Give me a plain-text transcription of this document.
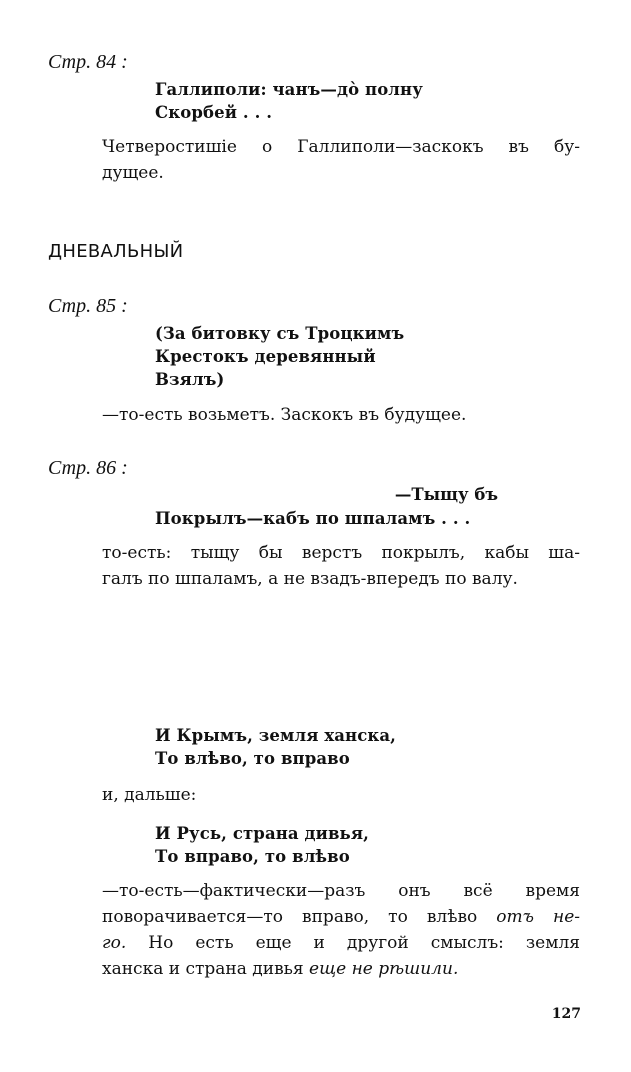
Стр. 84 :
Галлиполи: чанъ—дò полну
Скорбей . . .
Четверостишiе о Галлиполи—заскокъ въ бу-
дущее.
ДНЕВАЛЬНЫЙ
Стр. 85 :
(За битовку съ Троцкимъ
Крестокъ деревянный
Взялъ)
—то-есть возьметъ. Заскокъ въ будущее.
Стр. 86 :
—Тыщу бъ
Покрылъ—кабъ по шпаламъ . . .
то-есть: тыщу бы верстъ покрылъ, кабы ша-
галъ по шпаламъ, а не взадъ-впередъ по валу.
И Крымъ, земля ханска,
То влѣво, то вправо
и, дальше:
И Русь, страна дивья,
То вправо, то влѣво
—то-есть—фактически—разъ онъ всё время
поворачивается—то вправо, то влѣво отъ не-
го. Но есть еще и другой смыслъ: земля
ханска и страна дивья еще не рѣшили.
127
